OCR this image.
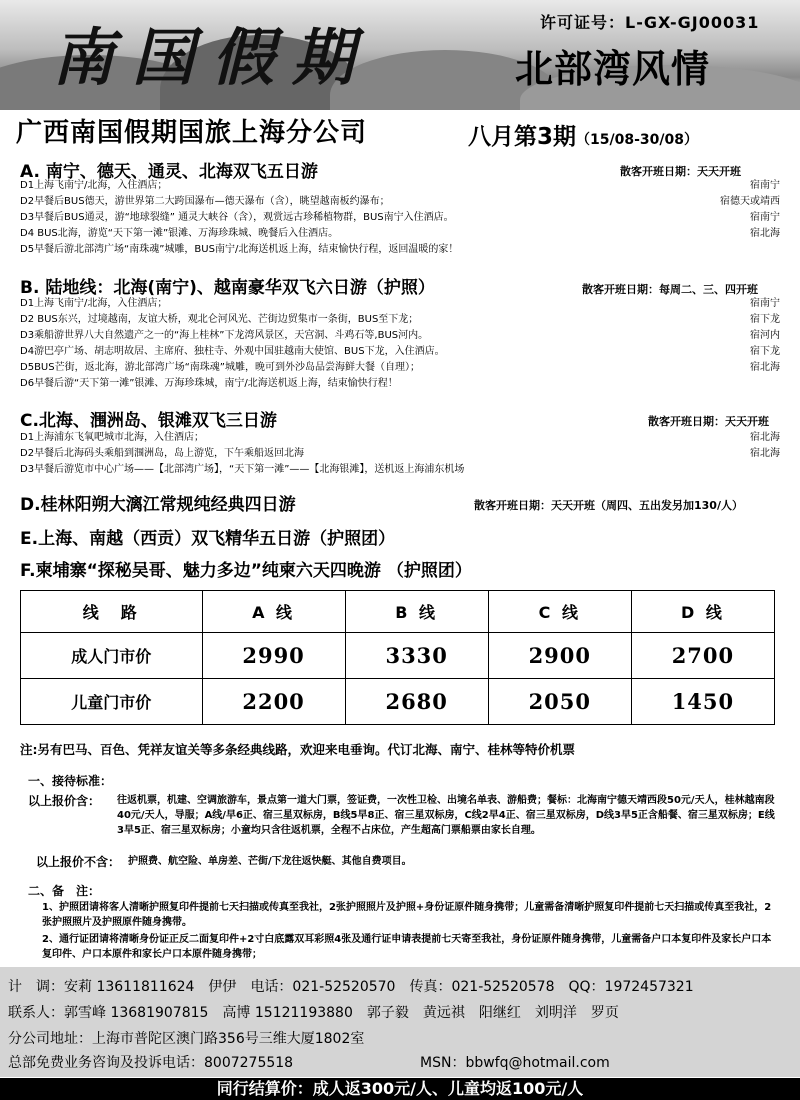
南国假期	许可证号：L-GX-GJ00031
北部湾风情
广西南国假期国旅上海分公司	八月第3期（15/08-30/08）
A. 南宁、德天、通灵、北海双飞五日游	散客开班日期：天天开班
D1上海飞南宁/北海，入住酒店；	宿南宁
D2早餐后BUS德天，游世界第二大跨国瀑布—德天瀑布（含），眺望越南板约瀑布；	宿德天或靖西
D3早餐后BUS通灵，游“地球裂缝” 通灵大峡谷（含），观赏远古珍稀植物群，BUS南宁入住酒店。	宿南宁
D4 BUS北海，游览“天下第一滩”银滩、万海珍珠城、晚餐后入住酒店。	宿北海
D5早餐后游北部湾广场“南珠魂”城雕，BUS南宁/北海送机返上海，结束愉快行程，返回温暖的家！
B. 陆地线：北海(南宁)、越南豪华双飞六日游（护照）	散客开班日期：每周二、三、四开班
D1上海飞南宁/北海，入住酒店；	宿南宁
D2 BUS东兴，过境越南，友谊大桥，观北仑河风光、芒街边贸集市一条街，BUS至下龙；	宿下龙
D3乘船游世界八大自然遗产之一的“海上桂林”下龙湾风景区，天宫洞、斗鸡石等,BUS河内。	宿河内
D4游巴亭广场、胡志明故居、主席府、独柱寺、外观中国驻越南大使馆、BUS下龙，入住酒店。	宿下龙
D5BUS芒街，返北海，游北部湾广场“南珠魂”城雕，晚可到外沙岛品尝海鲜大餐（自理）；	宿北海
D6早餐后游“天下第一滩”银滩、万海珍珠城，南宁/北海送机返上海，结束愉快行程！
C.北海、涠洲岛、银滩双飞三日游	散客开班日期：天天开班
D1上海浦东飞氧吧城市北海，入住酒店；	宿北海
D2早餐后北海码头乘船到涠洲岛，岛上游览，下午乘船返回北海	宿北海
D3早餐后游览市中心广场——【北部湾广场】，“天下第一滩”——【北海银滩】，送机返上海浦东机场
D.桂林阳朔大漓江常规纯经典四日游	散客开班日期：天天开班（周四、五出发另加130/人）
E.上海、南越（西贡）双飞精华五日游（护照团）
F.柬埔寨“探秘吴哥、魅力多边”纯柬六天四晚游 （护照团）
线　路	A 线	B 线	C 线	D 线
成人门市价	2990	3330	2900	2700
儿童门市价	2200	2680	2050	1450
注:另有巴马、百色、凭祥友谊关等多条经典线路，欢迎来电垂询。代订北海、南宁、桂林等特价机票
一、接待标准：
以上报价含： 往返机票，机建、空调旅游车，景点第一道大门票，签证费，一次性卫检、出境名单表、游船费；餐标：北海南宁德天靖西段50元/天人，桂林越南段40元/天人，导服；A线/早6正、宿三星双标房，B线5早8正、宿三星双标房，C线2早4正、宿三星双标房，D线3早5正含船餐、宿三星双标房；E线3早5正、宿三星双标房；小童均只含往返机票，全程不占床位，产生超高门票船票由家长自理。
以上报价不含： 护照费、航空险、单房差、芒街/下龙往返快艇、其他自费项目。
二、备　注：
1、护照团请将客人清晰护照复印件提前七天扫描或传真至我社，2张护照照片及护照+身份证原件随身携带；儿童需备清晰护照复印件提前七天扫描或传真至我社，2张护照照片及护照原件随身携带。
2、通行证团请将清晰身份证正反二面复印件+2寸白底露双耳彩照4张及通行证申请表提前七天寄至我社，身份证原件随身携带，儿童需备户口本复印件及家长户口本复印件、户口本原件和家长户口本原件随身携带；
计　调：安莉 13611811624　伊伊 电话：021-52520570 传真：021-52520578 QQ：1972457321
联系人：郭雪峰 13681907815 高博 15121193880 郭子毅 黄远祺 阳继红 刘明洋 罗页
分公司地址：上海市普陀区澳门路356号三维大厦1802室
总部免费业务咨询及投诉电话：8007275518	MSN：bbwfq@hotmail.com
同行结算价：成人返300元/人、儿童均返100元/人
